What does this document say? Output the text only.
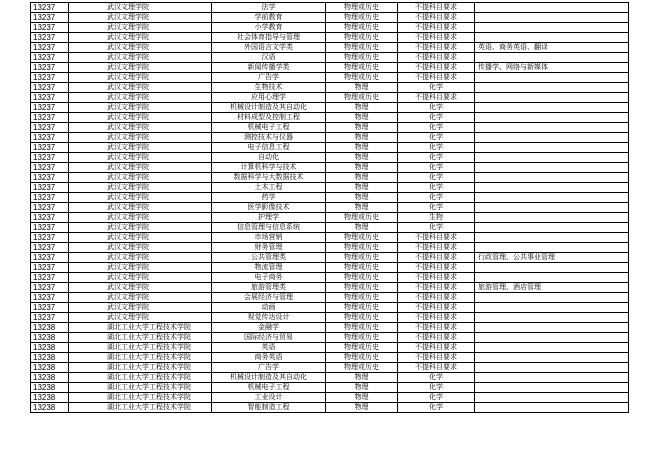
13237	武汉文理学院	法学	物理或历史	不提科目要求	
13237	武汉文理学院	学前教育	物理或历史	不提科目要求	
13237	武汉文理学院	小学教育	物理或历史	不提科目要求	
13237	武汉文理学院	社会体育指导与管理	物理或历史	不提科目要求	
13237	武汉文理学院	外国语言文学类	物理或历史	不提科目要求	英语、商务英语、翻译
13237	武汉文理学院	汉语	物理或历史	不提科目要求	
13237	武汉文理学院	新闻传播学类	物理或历史	不提科目要求	传播学、网络与新媒体
13237	武汉文理学院	广告学	物理或历史	不提科目要求	
13237	武汉文理学院	生物技术	物理	化学	
13237	武汉文理学院	应用心理学	物理或历史	不提科目要求	
13237	武汉文理学院	机械设计制造及其自动化	物理	化学	
13237	武汉文理学院	材料成型及控制工程	物理	化学	
13237	武汉文理学院	机械电子工程	物理	化学	
13237	武汉文理学院	测控技术与仪器	物理	化学	
13237	武汉文理学院	电子信息工程	物理	化学	
13237	武汉文理学院	自动化	物理	化学	
13237	武汉文理学院	计算机科学与技术	物理	化学	
13237	武汉文理学院	数据科学与大数据技术	物理	化学	
13237	武汉文理学院	土木工程	物理	化学	
13237	武汉文理学院	药学	物理	化学	
13237	武汉文理学院	医学影像技术	物理	化学	
13237	武汉文理学院	护理学	物理或历史	生物	
13237	武汉文理学院	信息管理与信息系统	物理	化学	
13237	武汉文理学院	市场营销	物理或历史	不提科目要求	
13237	武汉文理学院	财务管理	物理或历史	不提科目要求	
13237	武汉文理学院	公共管理类	物理或历史	不提科目要求	行政管理、公共事业管理
13237	武汉文理学院	物流管理	物理或历史	不提科目要求	
13237	武汉文理学院	电子商务	物理或历史	不提科目要求	
13237	武汉文理学院	旅游管理类	物理或历史	不提科目要求	旅游管理、酒店管理
13237	武汉文理学院	会展经济与管理	物理或历史	不提科目要求	
13237	武汉文理学院	动画	物理或历史	不提科目要求	
13237	武汉文理学院	视觉传达设计	物理或历史	不提科目要求	
13238	湖北工业大学工程技术学院	金融学	物理或历史	不提科目要求	
13238	湖北工业大学工程技术学院	国际经济与贸易	物理或历史	不提科目要求	
13238	湖北工业大学工程技术学院	英语	物理或历史	不提科目要求	
13238	湖北工业大学工程技术学院	商务英语	物理或历史	不提科目要求	
13238	湖北工业大学工程技术学院	广告学	物理或历史	不提科目要求	
13238	湖北工业大学工程技术学院	机械设计制造及其自动化	物理	化学	
13238	湖北工业大学工程技术学院	机械电子工程	物理	化学	
13238	湖北工业大学工程技术学院	工业设计	物理	化学	
13238	湖北工业大学工程技术学院	智能制造工程	物理	化学	
